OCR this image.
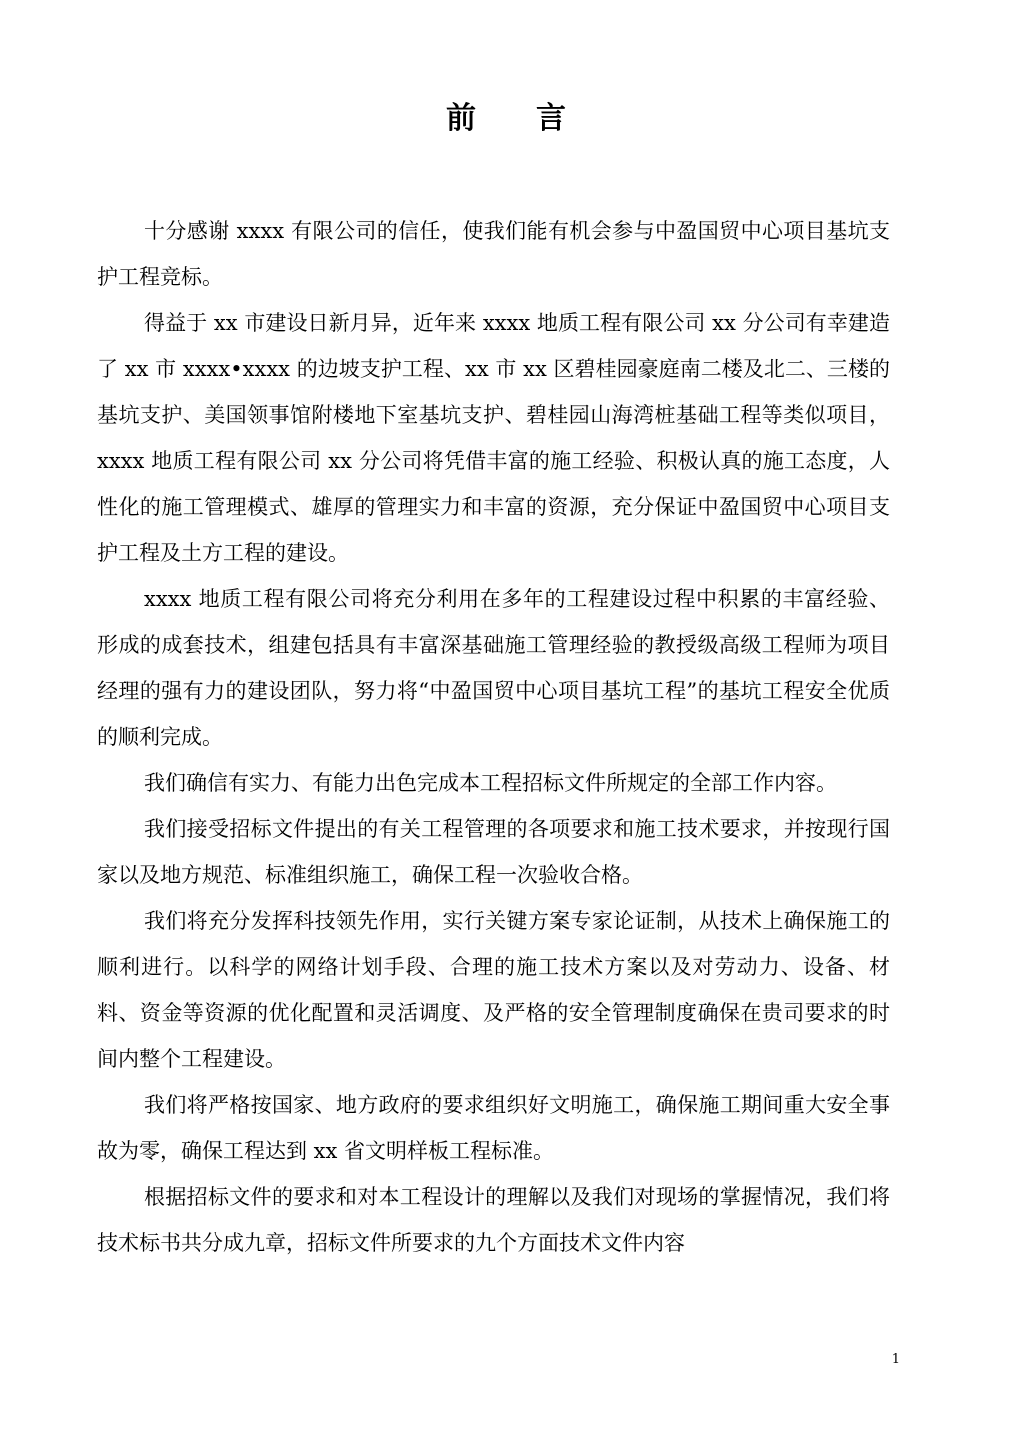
前言

十分感谢 xxxx 有限公司的信任，使我们能有机会参与中盈国贸中心项目基坑支护工程竞标。

得益于 xx 市建设日新月异，近年来 xxxx 地质工程有限公司 xx 分公司有幸建造了 xx 市 xxxx•xxxx 的边坡支护工程、xx 市 xx 区碧桂园豪庭南二楼及北二、三楼的基坑支护、美国领事馆附楼地下室基坑支护、碧桂园山海湾桩基础工程等类似项目，xxxx 地质工程有限公司 xx 分公司将凭借丰富的施工经验、积极认真的施工态度，人性化的施工管理模式、雄厚的管理实力和丰富的资源，充分保证中盈国贸中心项目支护工程及土方工程的建设。

xxxx 地质工程有限公司将充分利用在多年的工程建设过程中积累的丰富经验、形成的成套技术，组建包括具有丰富深基础施工管理经验的教授级高级工程师为项目经理的强有力的建设团队，努力将“中盈国贸中心项目基坑工程”的基坑工程安全优质的顺利完成。

我们确信有实力、有能力出色完成本工程招标文件所规定的全部工作内容。

我们接受招标文件提出的有关工程管理的各项要求和施工技术要求，并按现行国家以及地方规范、标准组织施工，确保工程一次验收合格。

我们将充分发挥科技领先作用，实行关键方案专家论证制，从技术上确保施工的顺利进行。以科学的网络计划手段、合理的施工技术方案以及对劳动力、设备、材料、资金等资源的优化配置和灵活调度、及严格的安全管理制度确保在贵司要求的时间内整个工程建设。

我们将严格按国家、地方政府的要求组织好文明施工，确保施工期间重大安全事故为零，确保工程达到 xx 省文明样板工程标准。

根据招标文件的要求和对本工程设计的理解以及我们对现场的掌握情况，我们将技术标书共分成九章，招标文件所要求的九个方面技术文件内容

1
